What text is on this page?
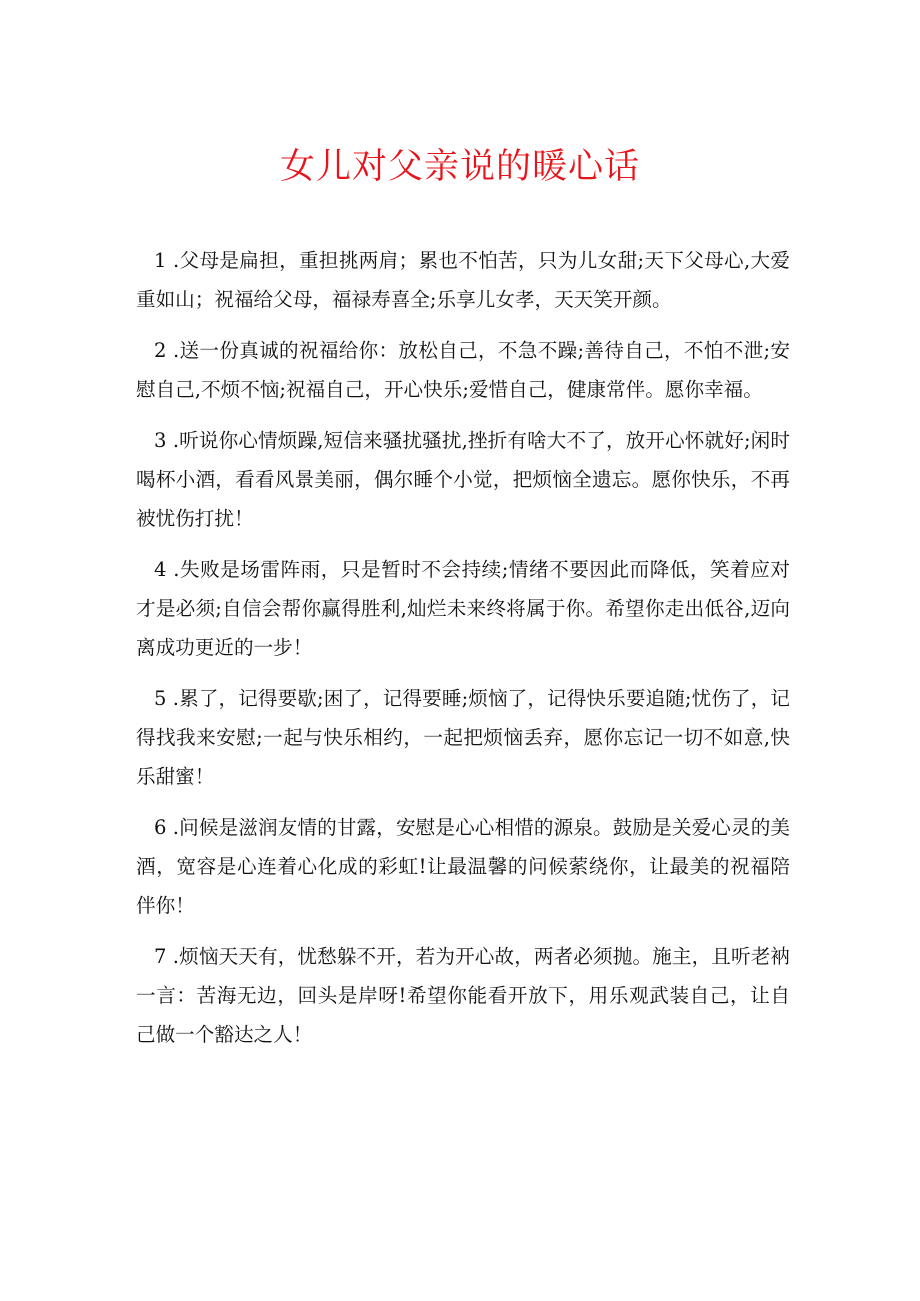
女儿对父亲说的暖心话

1 .父母是扁担，重担挑两肩；累也不怕苦，只为儿女甜;天下父母心,大爱重如山；祝福给父母，福禄寿喜全;乐享儿女孝，天天笑开颜。

2 .送一份真诚的祝福给你：放松自己，不急不躁;善待自己，不怕不泄;安慰自己,不烦不恼;祝福自己，开心快乐;爱惜自己，健康常伴。愿你幸福。

3 .听说你心情烦躁,短信来骚扰骚扰,挫折有啥大不了，放开心怀就好;闲时喝杯小酒，看看风景美丽，偶尔睡个小觉，把烦恼全遗忘。愿你快乐，不再被忧伤打扰！

4 .失败是场雷阵雨，只是暂时不会持续;情绪不要因此而降低，笑着应对才是必须;自信会帮你赢得胜利,灿烂未来终将属于你。希望你走出低谷,迈向离成功更近的一步！

5 .累了，记得要歇;困了，记得要睡;烦恼了，记得快乐要追随;忧伤了，记得找我来安慰;一起与快乐相约，一起把烦恼丢弃，愿你忘记一切不如意,快乐甜蜜！

6 .问候是滋润友情的甘露，安慰是心心相惜的源泉。鼓励是关爱心灵的美酒，宽容是心连着心化成的彩虹!让最温馨的问候萦绕你，让最美的祝福陪伴你！

7 .烦恼天天有，忧愁躲不开，若为开心故，两者必须抛。施主，且听老衲一言：苦海无边，回头是岸呀!希望你能看开放下，用乐观武装自己，让自己做一个豁达之人！
